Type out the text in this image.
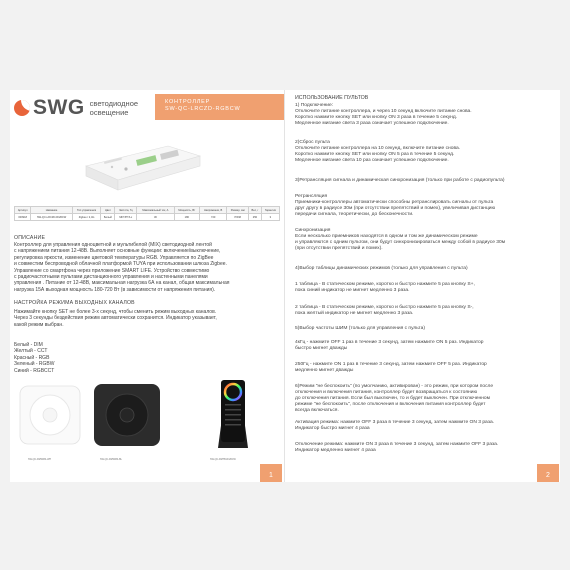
SWG светодиодное
освещение
КОНТРОЛЛЕР
SW-QC-LRCZD-RGBCW
Артикул	Название	Тип управления	Цвет	Частота, Гц	Максимальный ток, А	Мощность, Вт	Напряжение, В	Размер, мм	Вес, г	Гарантия
000918	SW-QC-LRCZD-RGBCW	Zigbee / 2,4G	Белый	MFT/PT/Lx	30	180	720	PWM	250	3
ОПИСАНИЕ
Контроллер для управления одноцветной и мультибелой (MIX) светодиодной лентой
с напряжением питания 12-48В. Выполняет основные функции: включение/выключение,
регулировка яркости, изменение цветовой температуры RGB. Управляется по ZigBee
и совместим беспроводной облачной платформой TUYA при использовании шлюза Zigbee.
Управление со смартфона через приложение SMART LIFE. Устройство совместимо
с радиочастотными пультами дистанционного управления и настенными панелями
управления . Питание от 12-48В, максимальная нагрузка 6А на канал, общая максимальная
нагрузка 15А выходная мощность 180-720 Вт (в зависимости от напряжения питания).
НАСТРОЙКА РЕЖИМА ВЫХОДНЫХ КАНАЛОВ
Нажимайте кнопку SET не более 3-х секунд, чтобы сменить режим выходных каналов.
Через 3 секунды бездействия режим автоматически сохранится. Индикатор указывает,
какой режим выбран.
Белый - DIM
Желтый - CCT
Красный - RGB
Зеленый - RGBW
Синий - RGBCCT
SW-QC-RMWRS-WH	SW-QC-RMWRS-BL	SW-QC-RMTB-RGBCW
1
ИСПОЛЬЗОВАНИЕ ПУЛЬТОВ
1) Подключение:
Отключите питание контроллера, и через 10 секунд включите питание снова.
Коротко нажмите кнопку SET или кнопку ON 3 раза в течение 5 секунд.
Медленное мигание света 3 раза означает успешное подключение.
2)Сброс пульта
Отключите питание контроллера на 10 секунд, включите питание снова.
Коротко нажмите кнопку SET или кнопку ON 5 раз в течение 5 секунд.
Медленное мигание света 10 раз означает успешное подключение.
3)Ретрансляция сигнала и динамическая синхронизация (только при работе с радиопульта)
Ретрансляция
Приемники-контроллеры автоматически способны ретранслировать сигналы от пульта
друг другу в радиусе 30м (при отсутствии препятствий и помех), увеличивая дистанцию
передачи сигнала, теоретически, до бесконечности.
Синхронизация
Если несколько приемников находятся в одном и том же динамическом режиме
и управляются с одним пультом, они будут синхронизироваться между собой в радиусе 30м
(при отсутствии препятствий и помех).
4)Выбор таблицы динамических режимов (только для управления с пульта)
1 таблица - В статическом режиме, коротко и быстро нажмите 5 раз кнопку S+,
пока синий индикатор не мигнет медленно 3 раза.
2 таблица - В статическом режиме, коротко и быстро нажмите 5 раз кнопку S-,
пока желтый индикатор не мигнет медленно 3 раза.
5)Выбор частоты ШИМ (только для управления с пульта)
4кГц - нажмите OFF 1 раз в течение 3 секунд, затем нажмите ON 5 раз. Индикатор
быстро мигнет дважды
250Гц - нажмите ON 1 раз в течение 3 секунд, затем нажмите OFF 5 раз. Индикатор
медленно мигнет дважды
6)Режим "не беспокоить" (по умолчанию, активирован) - это режим, при котором после
отключения и включения питания, контроллер будет возвращаться к состоянию
до отключения питания. Если был выключен, то и будет выключен. При отключенном
режиме "не беспокоить", после отключения и включения питания контроллер будет
всегда включаться.
Активация режима: нажмите OFF 3 раза в течение 3 секунд, затем нажмите ON 3 раза.
Индикатор быстро мигнет 4 раза
Отключение режима: нажмите ON 3 раза в течение 3 секунд, затем нажмите OFF 3 раза.
Индикатор медленно мигнет 4 раза
2
